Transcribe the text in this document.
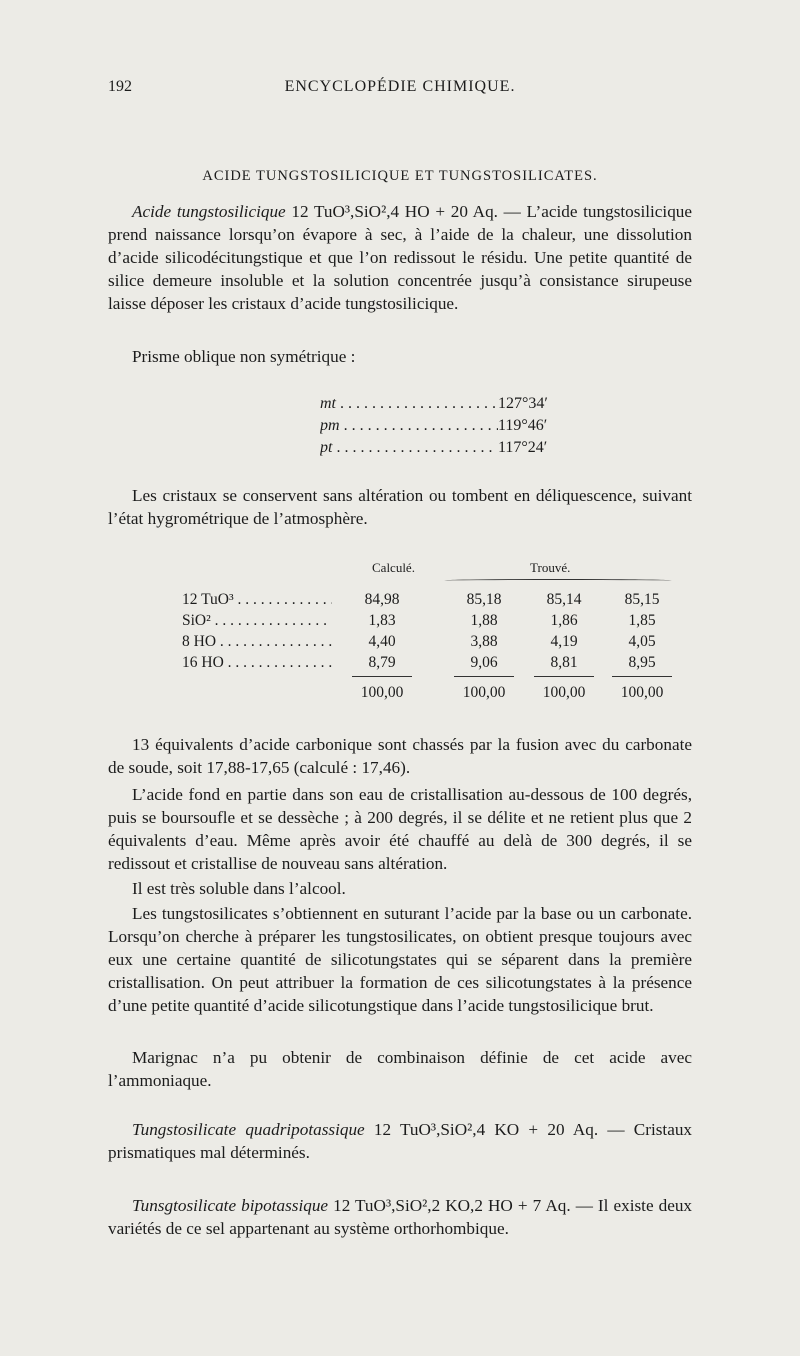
192	ENCYCLOPÉDIE CHIMIQUE.
ACIDE TUNGSTOSILICIQUE ET TUNGSTOSILICATES.

Acide tungstosilicique 12 TuO³,SiO²,4 HO + 20 Aq. — L’acide tungstosilicique prend naissance lorsqu’on évapore à sec, à l’aide de la chaleur, une dissolution d’acide silicodécitungstique et que l’on redissout le résidu. Une petite quantité de silice demeure insoluble et la solution concentrée jusqu’à consistance sirupeuse laisse déposer les cristaux d’acide tungstosilicique.

Prisme oblique non symétrique :

mt . . .	127°34′
pm . . .	119°46′
pt . . .	117°24′

Les cristaux se conservent sans altération ou tombent en déliquescence, suivant l’état hygrométrique de l’atmosphère.

Calculé.	Trouvé.
12 TuO³ . . .	84,98	85,18	85,14	85,15
SiO² . . .	1,83	1,88	1,86	1,85
8 HO . . .	4,40	3,88	4,19	4,05
16 HO . . .	8,79	9,06	8,81	8,95
100,00	100,00	100,00	100,00

13 équivalents d’acide carbonique sont chassés par la fusion avec du carbonate de soude, soit 17,88-17,65 (calculé : 17,46).

L’acide fond en partie dans son eau de cristallisation au-dessous de 100 degrés, puis se boursoufle et se dessèche ; à 200 degrés, il se délite et ne retient plus que 2 équivalents d’eau. Même après avoir été chauffé au delà de 300 degrés, il se redissout et cristallise de nouveau sans altération.

Il est très soluble dans l’alcool.

Les tungstosilicates s’obtiennent en suturant l’acide par la base ou un carbonate. Lorsqu’on cherche à préparer les tungstosilicates, on obtient presque toujours avec eux une certaine quantité de silicotungstates qui se séparent dans la première cristallisation. On peut attribuer la formation de ces silicotungstates à la présence d’une petite quantité d’acide silicotungstique dans l’acide tungstosilicique brut.

Marignac n’a pu obtenir de combinaison définie de cet acide avec l’ammoniaque.

Tungstosilicate quadripotassique 12 TuO³,SiO²,4 KO + 20 Aq. — Cristaux prismatiques mal déterminés.

Tunsgtosilicate bipotassique 12 TuO³,SiO²,2 KO,2 HO + 7 Aq. — Il existe deux variétés de ce sel appartenant au système orthorhombique.
